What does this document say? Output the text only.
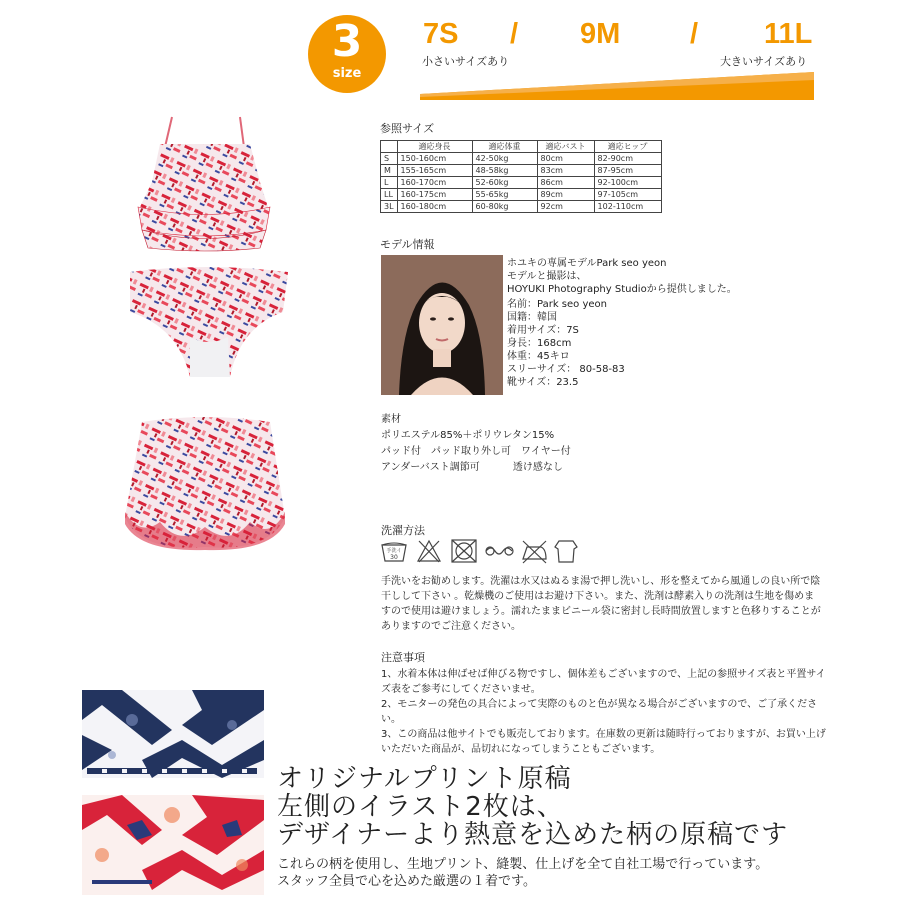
3
size
7S / 9M / 11L
小さいサイズあり	大きいサイズあり
参照サイズ
	適応身長	適応体重	適応バスト	適応ヒップ
S	150-160cm	42-50kg	80cm	82-90cm
M	155-165cm	48-58kg	83cm	87-95cm
L	160-170cm	52-60kg	86cm	92-100cm
LL	160-175cm	55-65kg	89cm	97-105cm
3L	160-180cm	60-80kg	92cm	102-110cm
モデル情報
ホユキの専属モデルPark seo yeon
モデルと撮影は、
HOYUKI Photography Studioから提供しました。
名前：Park seo yeon
国籍：韓国
着用サイズ：7S
身長：168cm
体重：45キロ
スリーサイズ： 80-58-83
靴サイズ：23.5
素材
ポリエステル85%＋ポリウレタン15%
パッド付　パッド取り外し可　ワイヤー付
アンダーバスト調節可　　　 透け感なし
洗濯方法
手洗イ
30
手洗いをお勧めします。洗濯は水又はぬるま湯で押し洗いし、形を整えてから風通しの良い所で陰干しして下さい 。乾燥機のご使用はお避け下さい。また、洗剤は酵素入りの洗剤は生地を傷めますので使用は避けましょう。濡れたままビニール袋に密封し長時間放置しますと色移りすることがありますのでご注意ください。
注意事項
1、水着本体は伸ばせば伸びる物ですし、個体差もございますので、上記の参照サイズ表と平置サイズ表をご参考にしてくださいませ。
2、モニターの発色の具合によって実際のものと色が異なる場合がございますので、ご了承ください。
3、この商品は他サイトでも販売しております。在庫数の更新は随時行っておりますが、お買い上げいただいた商品が、品切れになってしまうこともございます。
オリジナルプリント原稿
左側のイラスト2枚は、
デザイナーより熱意を込めた柄の原稿です
これらの柄を使用し、生地プリント、縫製、仕上げを全て自社工場で行っています。
スタッフ全員で心を込めた厳選の１着です。
